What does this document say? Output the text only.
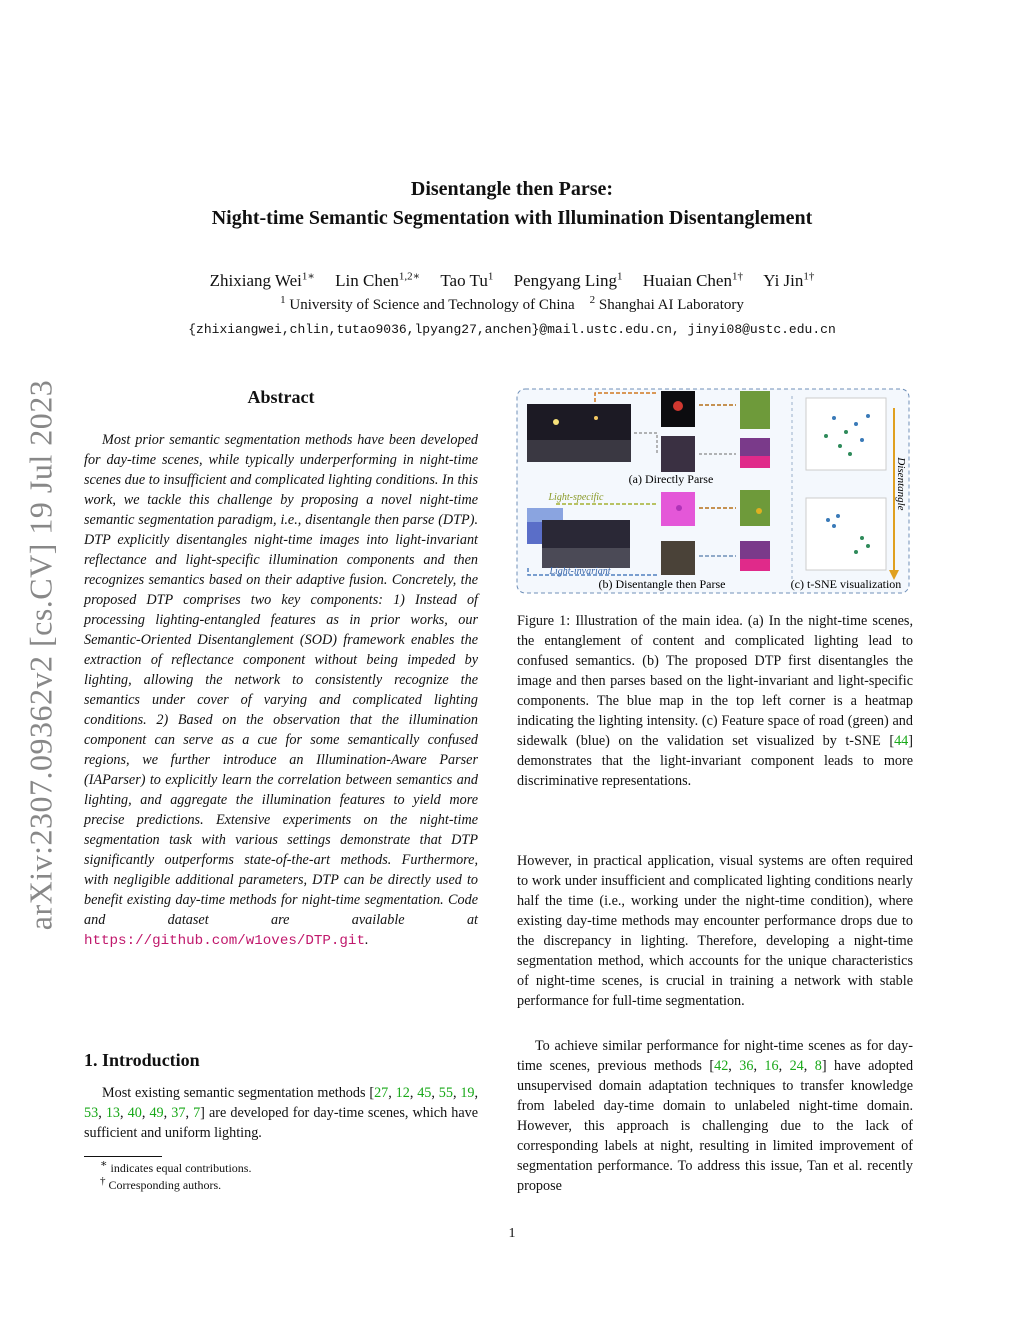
arXiv:2307.09362v2 [cs.CV] 19 Jul 2023
Disentangle then Parse:
Night-time Semantic Segmentation with Illumination Disentanglement
Zhixiang Wei$^{1∗}$ Lin Chen$^{1,2∗}$ Tao Tu$^1$ Pengyang Ling$^1$ Huaian Chen$^{1\dagger}$ Yi Jin$^{1\dagger}$
$^1$ University of Science and Technology of China $^2$ Shanghai AI Laboratory
{zhixiangwei,chlin,tutao9036,lpyang27,anchen}@mail.ustc.edu.cn, jinyi08@ustc.edu.cn
Abstract
Most prior semantic segmentation methods have been developed for day-time scenes, while typically underperforming in night-time scenes due to insufficient and complicated lighting conditions. In this work, we tackle this challenge by proposing a novel night-time semantic segmentation paradigm, i.e., disentangle then parse (DTP). DTP explicitly disentangles night-time images into light-invariant reflectance and light-specific illumination components and then recognizes semantics based on their adaptive fusion. Concretely, the proposed DTP comprises two key components: 1) Instead of processing lighting-entangled features as in prior works, our Semantic-Oriented Disentanglement (SOD) framework enables the extraction of reflectance component without being impeded by lighting, allowing the network to consistently recognize the semantics under cover of varying and complicated lighting conditions. 2) Based on the observation that the illumination component can serve as a cue for some semantically confused regions, we further introduce an Illumination-Aware Parser (IAParser) to explicitly learn the correlation between semantics and lighting, and aggregate the illumination features to yield more precise predictions. Extensive experiments on the night-time segmentation task with various settings demonstrate that DTP significantly outperforms state-of-the-art methods. Furthermore, with negligible additional parameters, DTP can be directly used to benefit existing day-time methods for night-time segmentation. Code and dataset are available at https://github.com/w1oves/DTP.git.
1. Introduction
Most existing semantic segmentation methods [27, 12, 45, 55, 19, 53, 13, 40, 49, 37, 7] are developed for day-time scenes, which have sufficient and uniform lighting.
∗ indicates equal contributions.
† Corresponding authors.
(a) Directly Parse
Light-specific
Light-invariant
(b) Disentangle then Parse
Disentangle
(c) t-SNE visualization
Figure 1: Illustration of the main idea. (a) In the night-time scenes, the entanglement of content and complicated lighting lead to confused semantics. (b) The proposed DTP first disentangles the image and then parses based on the light-invariant and light-specific components. The blue map in the top left corner is a heatmap indicating the lighting intensity. (c) Feature space of road (green) and sidewalk (blue) on the validation set visualized by t-SNE [44] demonstrates that the light-invariant component leads to more discriminative representations.
However, in practical application, visual systems are often required to work under insufficient and complicated lighting conditions nearly half the time (i.e., working under the night-time condition), where existing day-time methods may encounter performance drops due to the discrepancy in lighting. Therefore, developing a night-time segmentation method, which accounts for the unique characteristics of night-time scenes, is crucial in training a network with stable performance for full-time segmentation.
To achieve similar performance for night-time scenes as for day-time scenes, previous methods [42, 36, 16, 24, 8] have adopted unsupervised domain adaptation techniques to transfer knowledge from labeled day-time domain to unlabeled night-time domain. However, this approach is challenging due to the lack of corresponding labels at night, resulting in limited improvement of segmentation performance. To address this issue, Tan et al. recently propose
1
